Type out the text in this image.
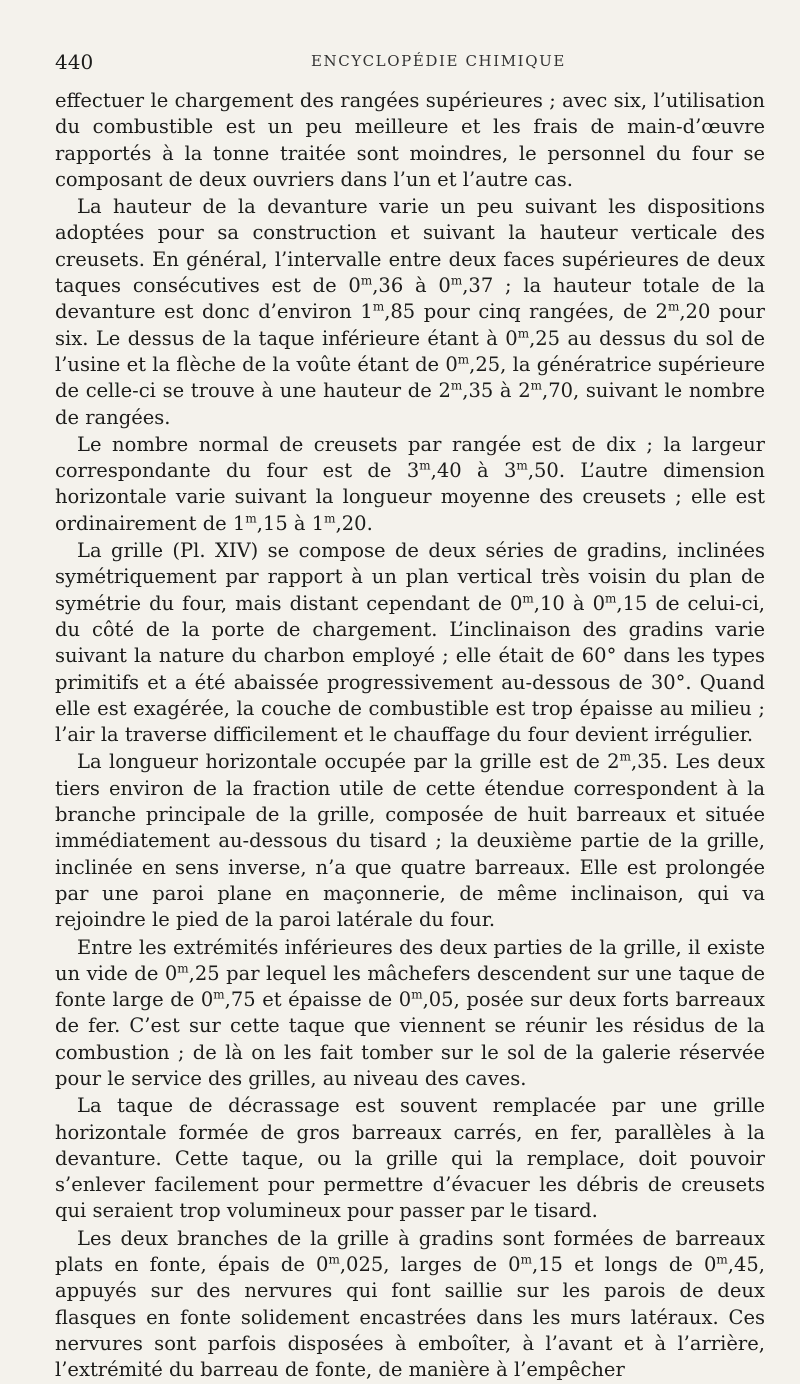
440	ENCYCLOPÉDIE CHIMIQUE

effectuer le chargement des rangées supérieures ; avec six, l’utilisation du combustible est un peu meilleure et les frais de main-d’œuvre rapportés à la tonne traitée sont moindres, le personnel du four se composant de deux ouvriers dans l’un et l’autre cas.

La hauteur de la devanture varie un peu suivant les dispositions adoptées pour sa construction et suivant la hauteur verticale des creusets. En général, l’intervalle entre deux faces supérieures de deux taques consécutives est de 0$^m$,36 à 0$^m$,37 ; la hauteur totale de la devanture est donc d’environ 1$^m$,85 pour cinq rangées, de 2$^m$,20 pour six. Le dessus de la taque inférieure étant à 0$^m$,25 au dessus du sol de l’usine et la flèche de la voûte étant de 0$^m$,25, la génératrice supérieure de celle-ci se trouve à une hauteur de 2$^m$,35 à 2$^m$,70, suivant le nombre de rangées.

Le nombre normal de creusets par rangée est de dix ; la largeur correspondante du four est de 3$^m$,40 à 3$^m$,50. L’autre dimension horizontale varie suivant la longueur moyenne des creusets ; elle est ordinairement de 1$^m$,15 à 1$^m$,20.

La grille (Pl. XIV) se compose de deux séries de gradins, inclinées symétriquement par rapport à un plan vertical très voisin du plan de symétrie du four, mais distant cependant de 0$^m$,10 à 0$^m$,15 de celui-ci, du côté de la porte de chargement. L’inclinaison des gradins varie suivant la nature du charbon employé ; elle était de 60° dans les types primitifs et a été abaissée progressivement au-dessous de 30°. Quand elle est exagérée, la couche de combustible est trop épaisse au milieu ; l’air la traverse difficilement et le chauffage du four devient irrégulier.

La longueur horizontale occupée par la grille est de 2$^m$,35. Les deux tiers environ de la fraction utile de cette étendue correspondent à la branche principale de la grille, composée de huit barreaux et située immédiatement au-dessous du tisard ; la deuxième partie de la grille, inclinée en sens inverse, n’a que quatre barreaux. Elle est prolongée par une paroi plane en maçonnerie, de même inclinaison, qui va rejoindre le pied de la paroi latérale du four.

Entre les extrémités inférieures des deux parties de la grille, il existe un vide de 0$^m$,25 par lequel les mâchefers descendent sur une taque de fonte large de 0$^m$,75 et épaisse de 0$^m$,05, posée sur deux forts barreaux de fer. C’est sur cette taque que viennent se réunir les résidus de la combustion ; de là on les fait tomber sur le sol de la galerie réservée pour le service des grilles, au niveau des caves.

La taque de décrassage est souvent remplacée par une grille horizontale formée de gros barreaux carrés, en fer, parallèles à la devanture. Cette taque, ou la grille qui la remplace, doit pouvoir s’enlever facilement pour permettre d’évacuer les débris de creusets qui seraient trop volumineux pour passer par le tisard.

Les deux branches de la grille à gradins sont formées de barreaux plats en fonte, épais de 0$^m$,025, larges de 0$^m$,15 et longs de 0$^m$,45, appuyés sur des nervures qui font saillie sur les parois de deux flasques en fonte solidement encastrées dans les murs latéraux. Ces nervures sont parfois disposées à emboîter, à l’avant et à l’arrière, l’extrémité du barreau de fonte, de manière à l’empêcher
